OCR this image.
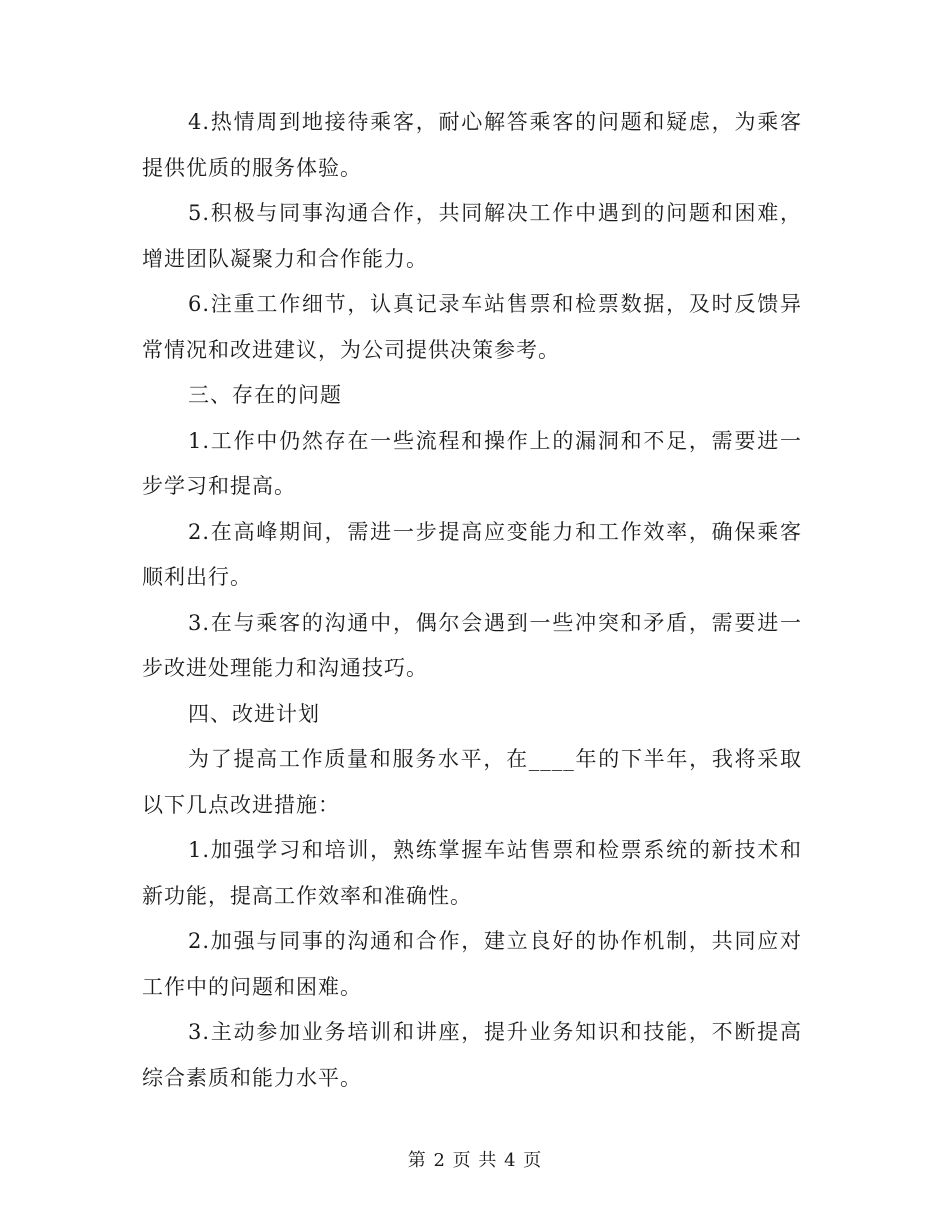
4.热情周到地接待乘客，耐心解答乘客的问题和疑虑，为乘客提供优质的服务体验。

5.积极与同事沟通合作，共同解决工作中遇到的问题和困难，增进团队凝聚力和合作能力。

6.注重工作细节，认真记录车站售票和检票数据，及时反馈异常情况和改进建议，为公司提供决策参考。

三、存在的问题

1.工作中仍然存在一些流程和操作上的漏洞和不足，需要进一步学习和提高。

2.在高峰期间，需进一步提高应变能力和工作效率，确保乘客顺利出行。

3.在与乘客的沟通中，偶尔会遇到一些冲突和矛盾，需要进一步改进处理能力和沟通技巧。

四、改进计划

为了提高工作质量和服务水平，在____年的下半年，我将采取以下几点改进措施：

1.加强学习和培训，熟练掌握车站售票和检票系统的新技术和新功能，提高工作效率和准确性。

2.加强与同事的沟通和合作，建立良好的协作机制，共同应对工作中的问题和困难。

3.主动参加业务培训和讲座，提升业务知识和技能，不断提高综合素质和能力水平。

第 2 页 共 4 页
